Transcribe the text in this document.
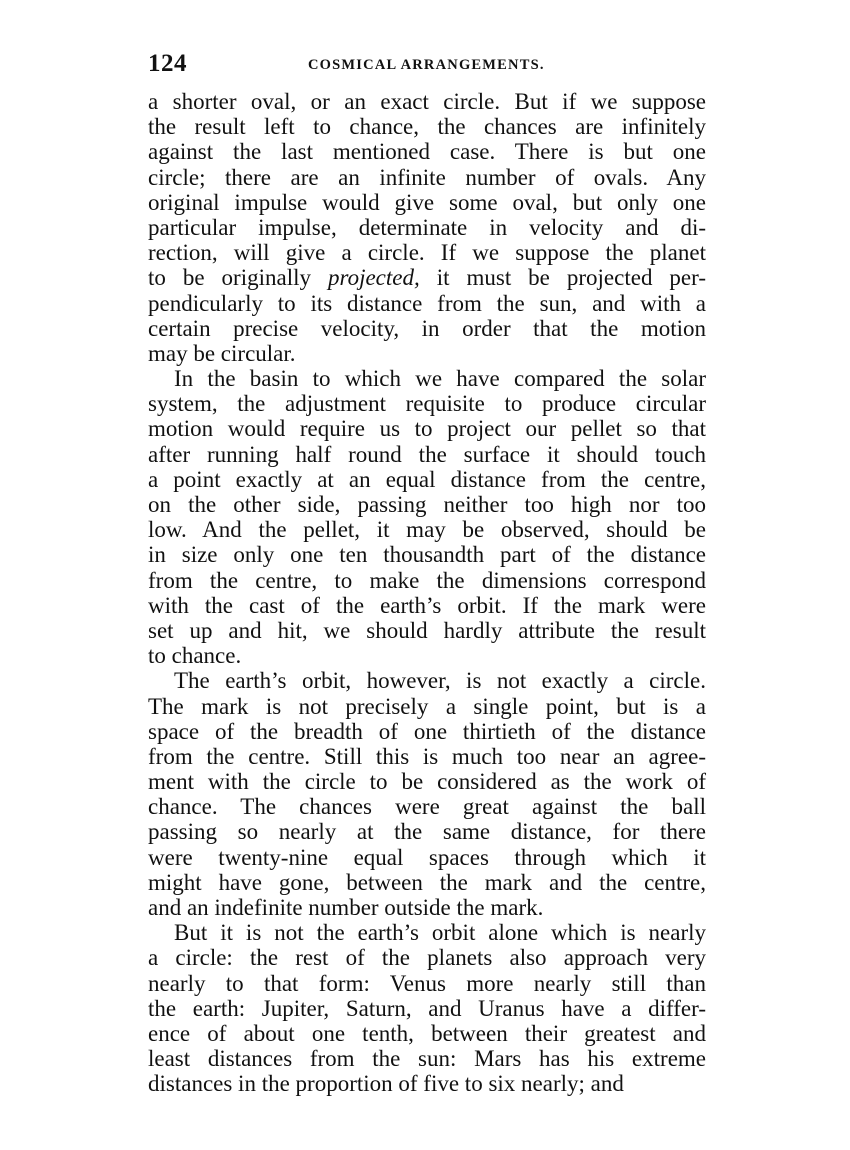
124	COSMICAL ARRANGEMENTS.
a shorter oval, or an exact circle. But if we suppose
the result left to chance, the chances are infinitely
against the last mentioned case. There is but one
circle; there are an infinite number of ovals. Any
original impulse would give some oval, but only one
particular impulse, determinate in velocity and di-
rection, will give a circle. If we suppose the planet
to be originally projected, it must be projected per-
pendicularly to its distance from the sun, and with a
certain precise velocity, in order that the motion
may be circular.
In the basin to which we have compared the solar
system, the adjustment requisite to produce circular
motion would require us to project our pellet so that
after running half round the surface it should touch
a point exactly at an equal distance from the centre,
on the other side, passing neither too high nor too
low. And the pellet, it may be observed, should be
in size only one ten thousandth part of the distance
from the centre, to make the dimensions correspond
with the cast of the earth’s orbit. If the mark were
set up and hit, we should hardly attribute the result
to chance.
The earth’s orbit, however, is not exactly a circle.
The mark is not precisely a single point, but is a
space of the breadth of one thirtieth of the distance
from the centre. Still this is much too near an agree-
ment with the circle to be considered as the work of
chance. The chances were great against the ball
passing so nearly at the same distance, for there
were twenty-nine equal spaces through which it
might have gone, between the mark and the centre,
and an indefinite number outside the mark.
But it is not the earth’s orbit alone which is nearly
a circle: the rest of the planets also approach very
nearly to that form: Venus more nearly still than
the earth: Jupiter, Saturn, and Uranus have a differ-
ence of about one tenth, between their greatest and
least distances from the sun: Mars has his extreme
distances in the proportion of five to six nearly; and
